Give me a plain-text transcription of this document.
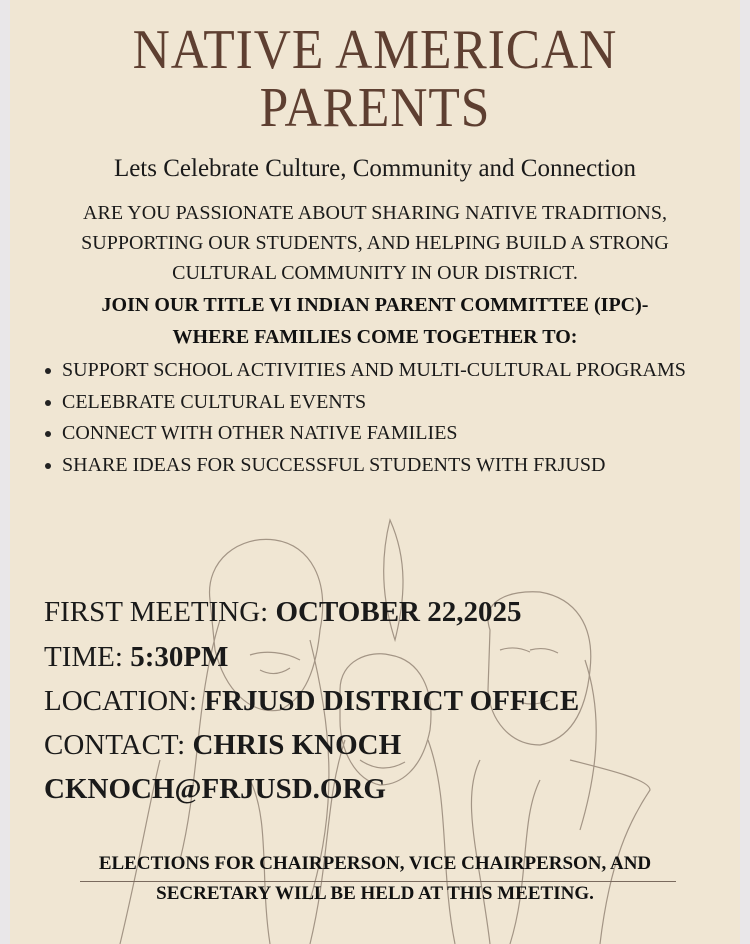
NATIVE AMERICAN
PARENTS
Lets Celebrate Culture, Community and Connection
ARE YOU PASSIONATE ABOUT SHARING NATIVE TRADITIONS,
SUPPORTING OUR STUDENTS, AND HELPING BUILD A STRONG
CULTURAL COMMUNITY IN OUR DISTRICT.
JOIN OUR TITLE VI INDIAN PARENT COMMITTEE (IPC)-
WHERE FAMILIES COME TOGETHER TO:
SUPPORT SCHOOL ACTIVITIES AND MULTI-CULTURAL PROGRAMS
CELEBRATE CULTURAL EVENTS
CONNECT WITH OTHER NATIVE FAMILIES
SHARE IDEAS FOR SUCCESSFUL STUDENTS WITH FRJUSD
FIRST MEETING: OCTOBER 22,2025
TIME: 5:30PM
LOCATION: FRJUSD DISTRICT OFFICE
CONTACT: CHRIS KNOCH
CKNOCH@FRJUSD.ORG
ELECTIONS FOR CHAIRPERSON, VICE CHAIRPERSON, AND
SECRETARY WILL BE HELD AT THIS MEETING.
